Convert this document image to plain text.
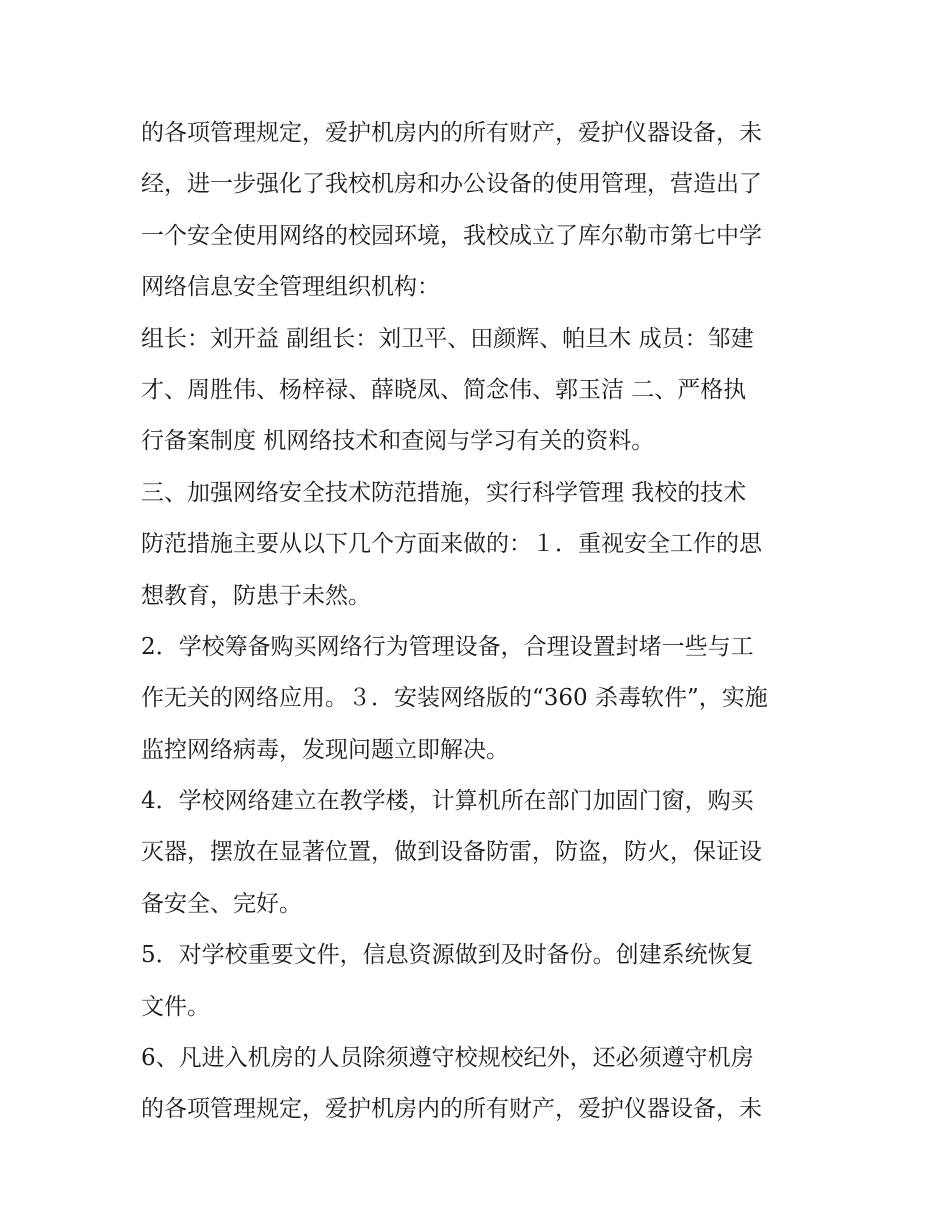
的各项管理规定，爱护机房内的所有财产，爱护仪器设备，未
经，进一步强化了我校机房和办公设备的使用管理，营造出了
一个安全使用网络的校园环境，我校成立了库尔勒市第七中学
网络信息安全管理组织机构：
组长：刘开益 副组长：刘卫平、田颜辉、帕旦木 成员：邹建
才、周胜伟、杨梓禄、薛晓凤、简念伟、郭玉洁 二、严格执
行备案制度 机网络技术和查阅与学习有关的资料。
三、加强网络安全技术防范措施，实行科学管理 我校的技术
防范措施主要从以下几个方面来做的：１．重视安全工作的思
想教育，防患于未然。
2．学校筹备购买网络行为管理设备，合理设置封堵一些与工
作无关的网络应用。３．安装网络版的“360 杀毒软件”，实施
监控网络病毒，发现问题立即解决。
4．学校网络建立在教学楼，计算机所在部门加固门窗，购买
灭器，摆放在显著位置，做到设备防雷，防盗，防火，保证设
备安全、完好。
5．对学校重要文件，信息资源做到及时备份。创建系统恢复
文件。
6、凡进入机房的人员除须遵守校规校纪外，还必须遵守机房
的各项管理规定，爱护机房内的所有财产，爱护仪器设备，未
